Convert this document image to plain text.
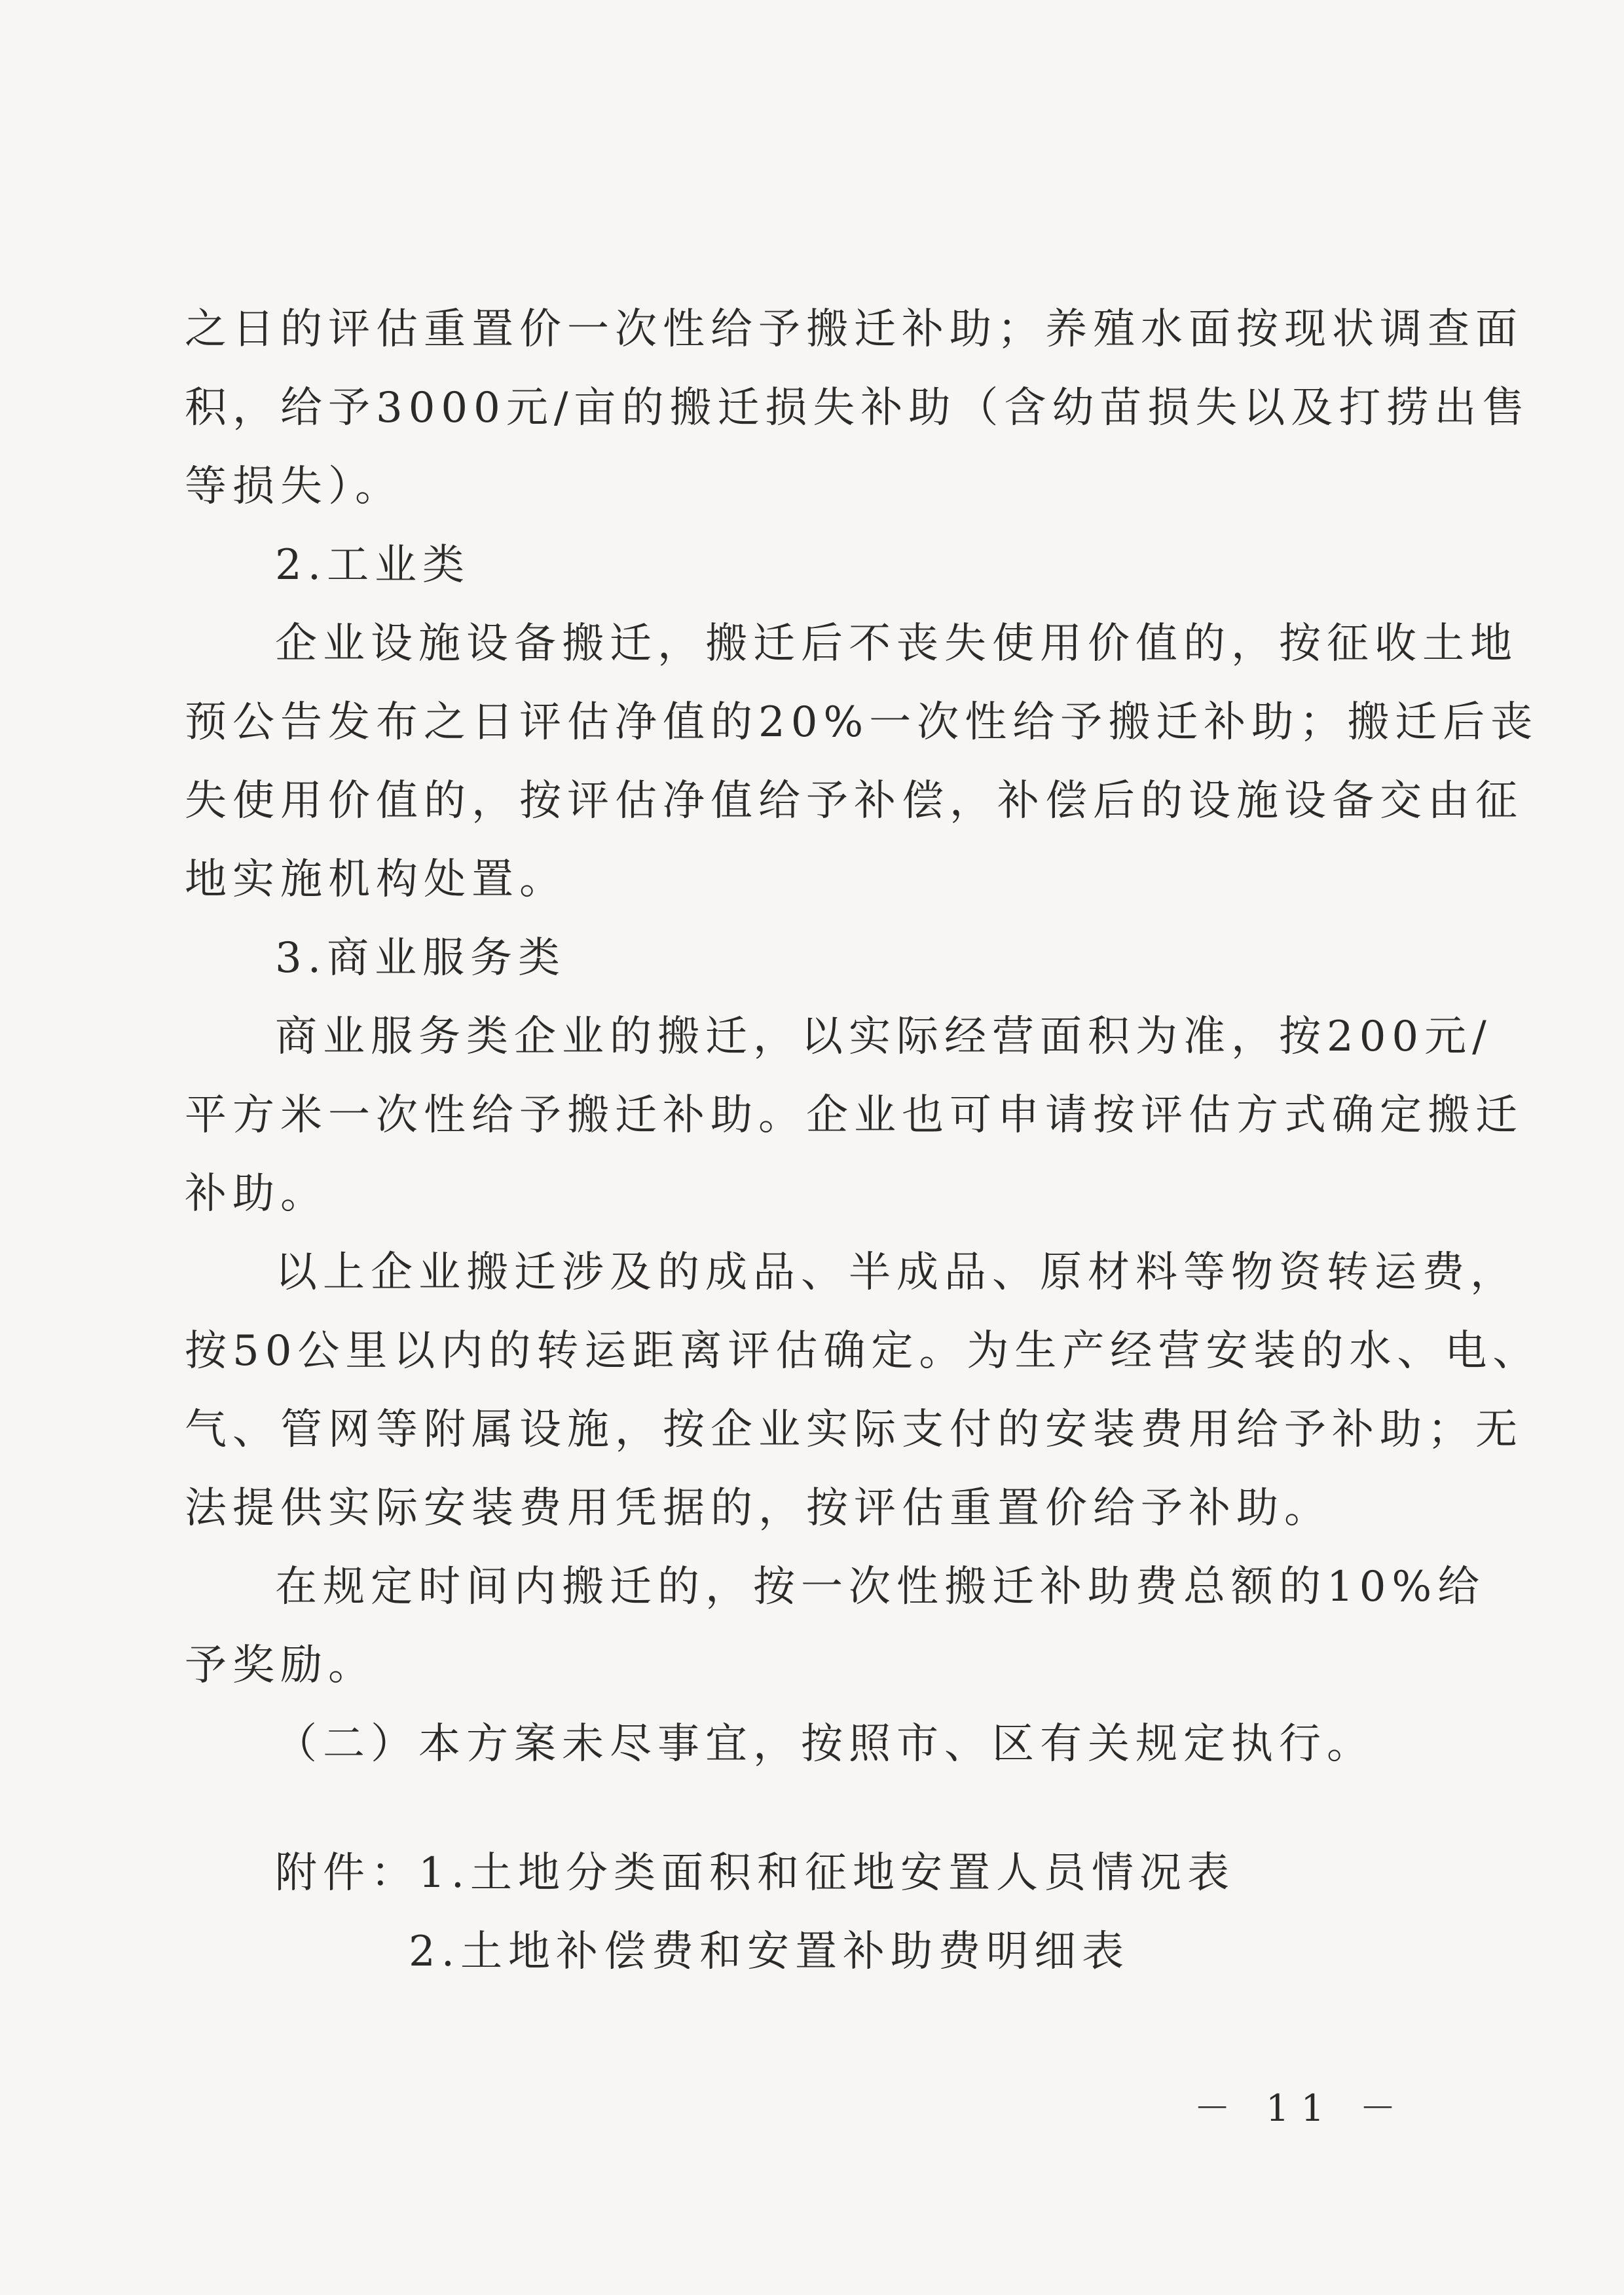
之日的评估重置价一次性给予搬迁补助；养殖水面按现状调查面
积，给予3000元/亩的搬迁损失补助（含幼苗损失以及打捞出售
等损失）。
2.工业类
企业设施设备搬迁，搬迁后不丧失使用价值的，按征收土地
预公告发布之日评估净值的20%一次性给予搬迁补助；搬迁后丧
失使用价值的，按评估净值给予补偿，补偿后的设施设备交由征
地实施机构处置。
3.商业服务类
商业服务类企业的搬迁，以实际经营面积为准，按200元/
平方米一次性给予搬迁补助。企业也可申请按评估方式确定搬迁
补助。
以上企业搬迁涉及的成品、半成品、原材料等物资转运费，
按50公里以内的转运距离评估确定。为生产经营安装的水、电、
气、管网等附属设施，按企业实际支付的安装费用给予补助；无
法提供实际安装费用凭据的，按评估重置价给予补助。
在规定时间内搬迁的，按一次性搬迁补助费总额的10%给
予奖励。
（二）本方案未尽事宜，按照市、区有关规定执行。
附件：1.土地分类面积和征地安置人员情况表
2.土地补偿费和安置补助费明细表
－ 11 －
